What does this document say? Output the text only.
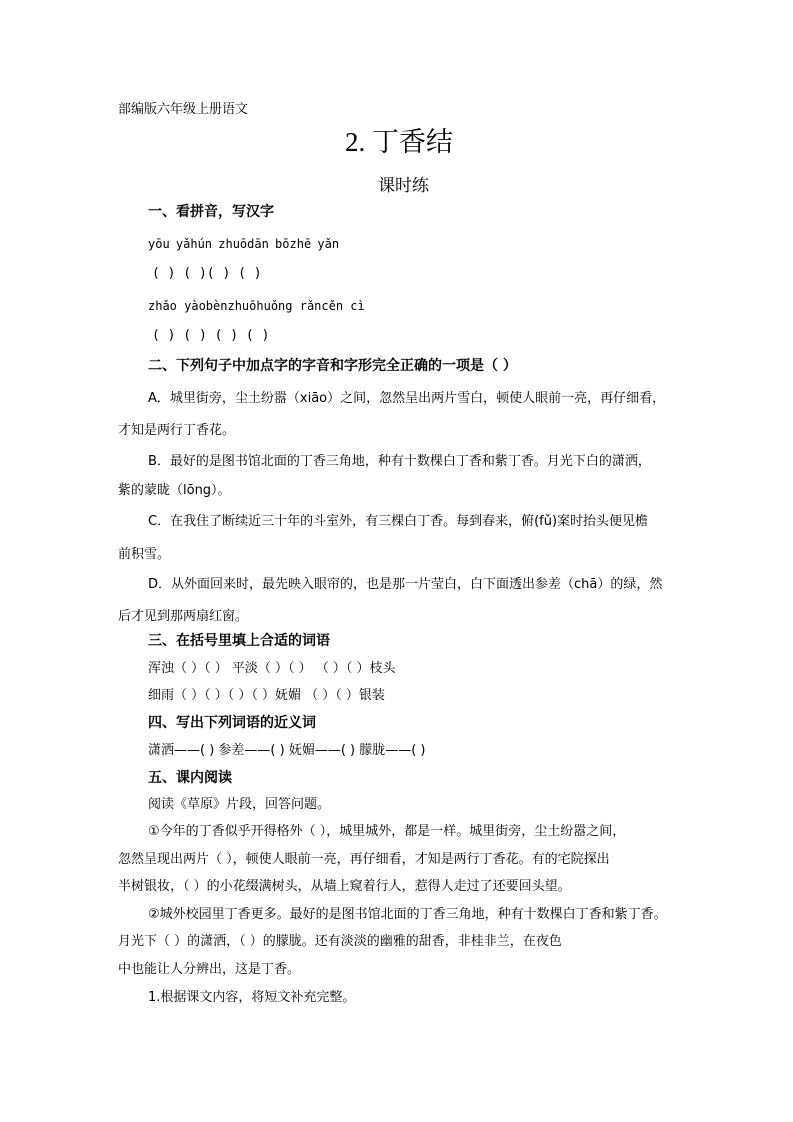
部编版六年级上册语文

2. 丁香结

课时练

一、看拼音，写汉字

yōu yǎhún zhuōdān bōzhē yǎn

( ) ( )( ) ( )

zhǎo yàobènzhuōhuǒng rǎncěn cì

( ) ( ) ( ) ( )

二、下列句子中加点字的字音和字形完全正确的一项是（ ）

A．城里街旁，尘土纷嚣（xiāo）之间，忽然呈出两片雪白，顿使人眼前一亮，再仔细看，

才知是两行丁香花。

B．最好的是图书馆北面的丁香三角地，种有十数棵白丁香和紫丁香。月光下白的潇洒，

紫的蒙眬（lōng）。

C．在我住了断续近三十年的斗室外，有三棵白丁香。每到春来，俯(fǔ)案时抬头便见檐

前积雪。

D．从外面回来时，最先映入眼帘的，也是那一片莹白，白下面透出参差（chā）的绿，然

后才见到那两扇红窗。

三、在括号里填上合适的词语

浑浊（ ）（ ） 平淡（ ）（ ） （ ）（ ）枝头

细雨（ ）（ ）（ ）（ ）妩媚 （ ）（ ）银装

四、写出下列词语的近义词

潇洒——( ) 参差——( ) 妩媚——( ) 朦胧——( )

五、课内阅读

阅读《草原》片段，回答问题。

①今年的丁香似乎开得格外（ ），城里城外，都是一样。城里街旁，尘土纷嚣之间，

忽然呈现出两片（ ），顿使人眼前一亮，再仔细看，才知是两行丁香花。有的宅院探出

半树银妆，（ ）的小花缀满树头，从墙上窥着行人，惹得人走过了还要回头望。

②城外校园里丁香更多。最好的是图书馆北面的丁香三角地，种有十数棵白丁香和紫丁香。

月光下（ ）的潇洒，（ ）的朦胧。还有淡淡的幽雅的甜香，非桂非兰，在夜色

中也能让人分辨出，这是丁香。

1.根据课文内容，将短文补充完整。
